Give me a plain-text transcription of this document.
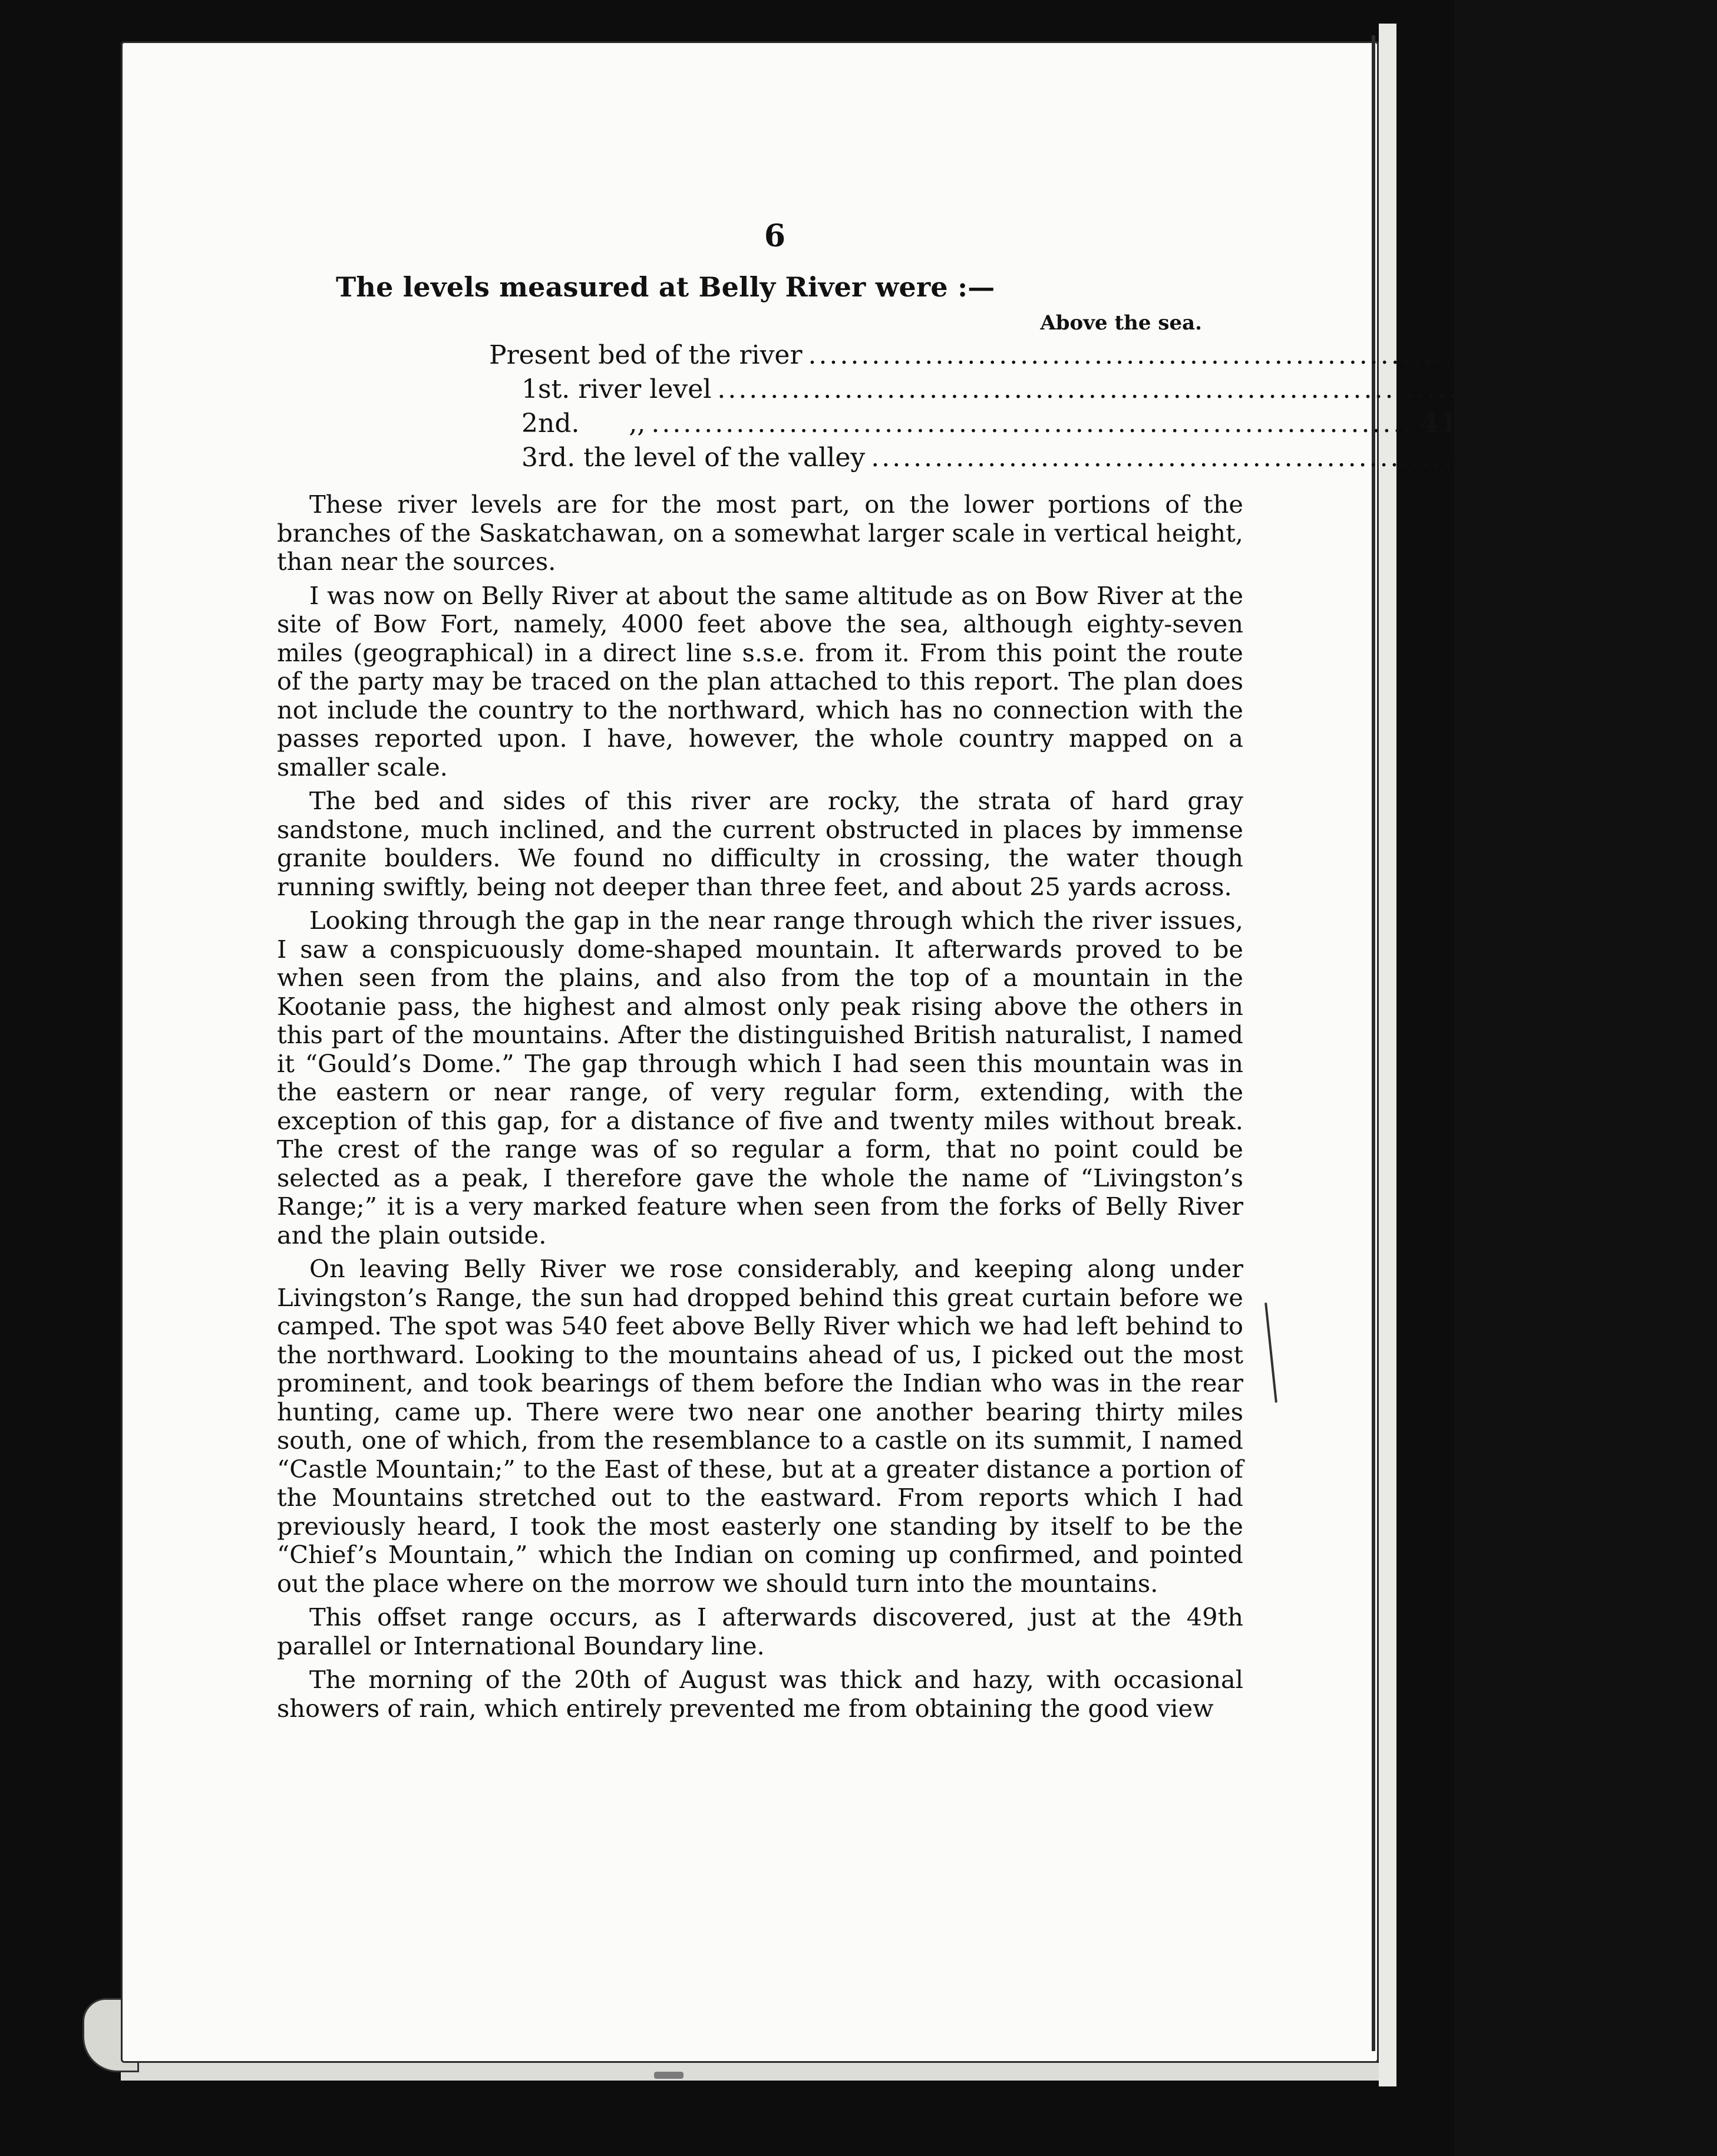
6
The levels measured at Belly River were :—
Above the sea.
Present bed of the river ........................................................................ 4024
1st. river level ........................................................................ 4085
2nd.      ,, ........................................................................ 4176
3rd. the level of the valley ........................................................................ 4226

These river levels are for the most part, on the lower portions of the branches of the Saskatchawan, on a somewhat larger scale in vertical height, than near the sources.

I was now on Belly River at about the same altitude as on Bow River at the site of Bow Fort, namely, 4000 feet above the sea, although eighty-seven miles (geographical) in a direct line s.s.e. from it. From this point the route of the party may be traced on the plan attached to this report. The plan does not include the country to the northward, which has no connection with the passes reported upon. I have, however, the whole country mapped on a smaller scale.

The bed and sides of this river are rocky, the strata of hard gray sandstone, much inclined, and the current obstructed in places by immense granite boulders. We found no difficulty in crossing, the water though running swiftly, being not deeper than three feet, and about 25 yards across.

Looking through the gap in the near range through which the river issues, I saw a conspicuously dome-shaped mountain. It afterwards proved to be when seen from the plains, and also from the top of a mountain in the Kootanie pass, the highest and almost only peak rising above the others in this part of the mountains. After the distinguished British naturalist, I named it “Gould’s Dome.” The gap through which I had seen this mountain was in the eastern or near range, of very regular form, extending, with the exception of this gap, for a distance of five and twenty miles without break. The crest of the range was of so regular a form, that no point could be selected as a peak, I therefore gave the whole the name of “Livingston’s Range;” it is a very marked feature when seen from the forks of Belly River and the plain outside.

On leaving Belly River we rose considerably, and keeping along under Livingston’s Range, the sun had dropped behind this great curtain before we camped. The spot was 540 feet above Belly River which we had left behind to the northward. Looking to the mountains ahead of us, I picked out the most prominent, and took bearings of them before the Indian who was in the rear hunting, came up. There were two near one another bearing thirty miles south, one of which, from the resemblance to a castle on its summit, I named “Castle Mountain;” to the East of these, but at a greater distance a portion of the Mountains stretched out to the eastward. From reports which I had previously heard, I took the most easterly one standing by itself to be the “Chief’s Mountain,” which the Indian on coming up confirmed, and pointed out the place where on the morrow we should turn into the mountains.

This offset range occurs, as I afterwards discovered, just at the 49th parallel or International Boundary line.

The morning of the 20th of August was thick and hazy, with occasional showers of rain, which entirely prevented me from obtaining the good view
